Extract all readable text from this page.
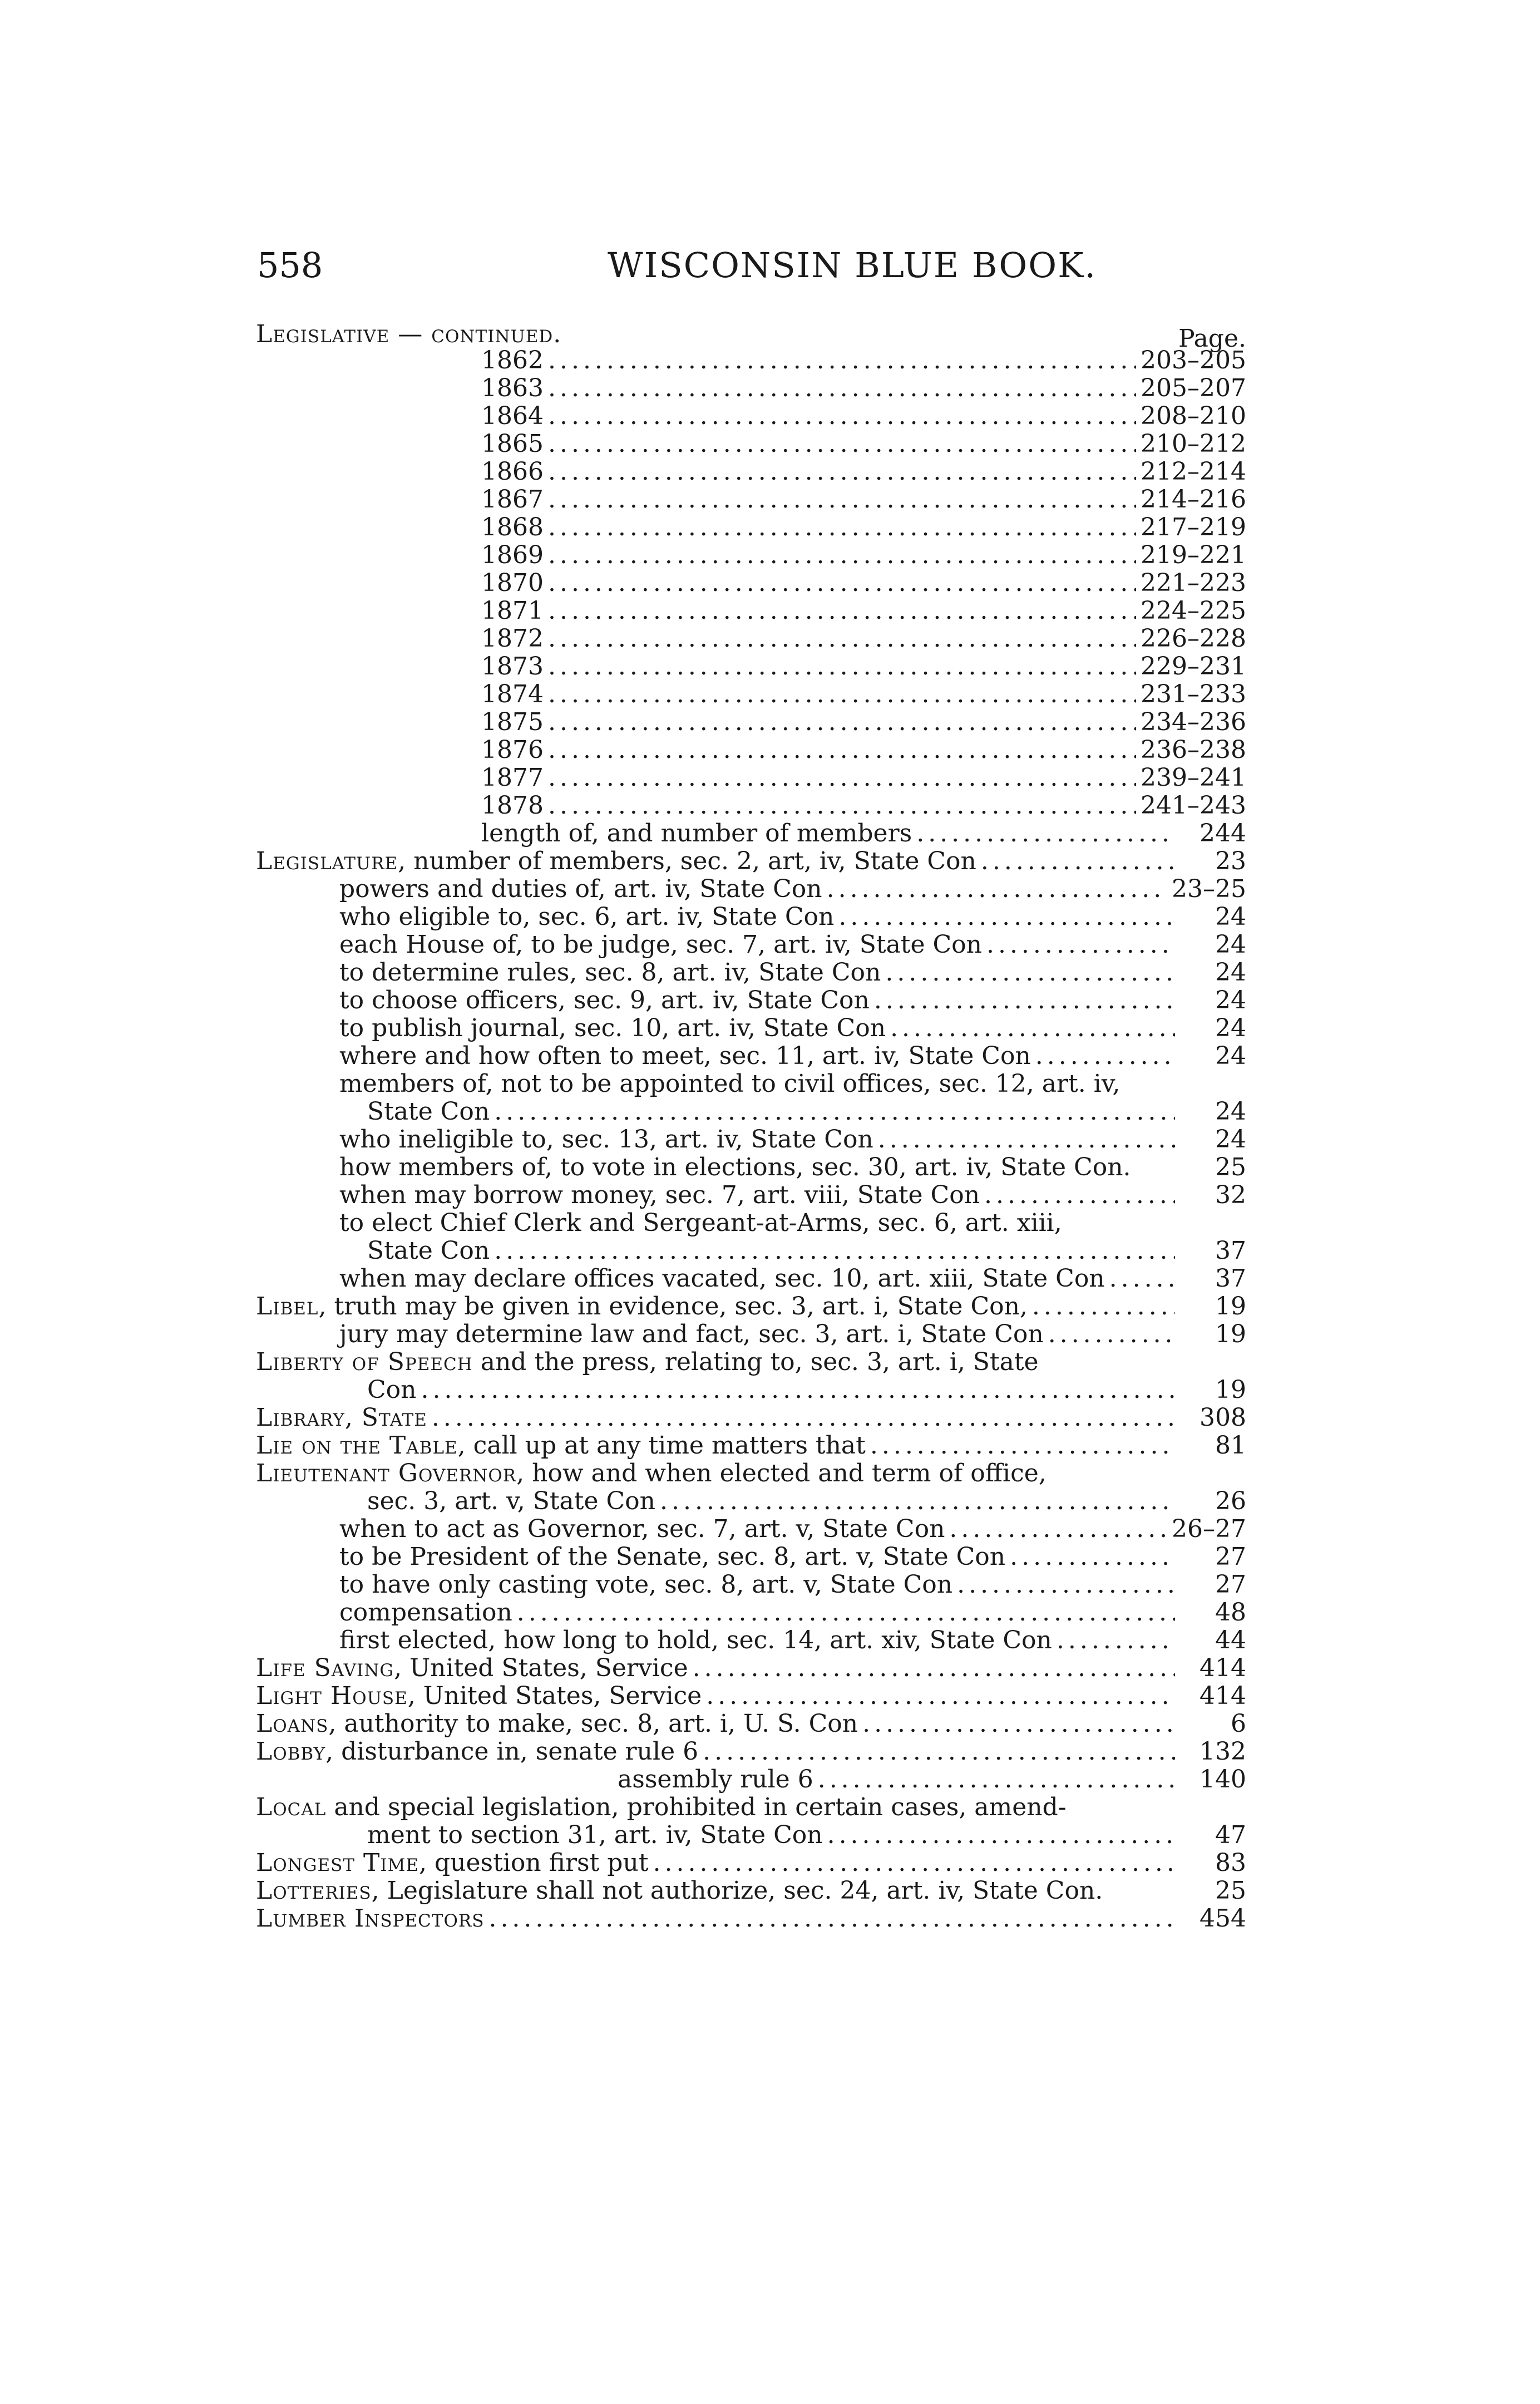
558	WISCONSIN BLUE BOOK.
Legislative — continued.	Page.
1862 .....	203–205
1863 .....	205–207
1864 .....	208–210
1865 .....	210–212
1866 .....	212–214
1867 .....	214–216
1868 .....	217–219
1869 .....	219–221
1870 .....	221–223
1871 .....	224–225
1872 .....	226–228
1873 .....	229–231
1874 .....	231–233
1875 .....	234–236
1876 .....	236–238
1877 .....	239–241
1878 .....	241–243
length of, and number of members .....	244
Legislature, number of members, sec. 2, art, iv, State Con .....	23
powers and duties of, art. iv, State Con .....	23–25
who eligible to, sec. 6, art. iv, State Con .....	24
each House of, to be judge, sec. 7, art. iv, State Con .....	24
to determine rules, sec. 8, art. iv, State Con .....	24
to choose officers, sec. 9, art. iv, State Con .....	24
to publish journal, sec. 10, art. iv, State Con .....	24
where and how often to meet, sec. 11, art. iv, State Con .....	24
members of, not to be appointed to civil offices, sec. 12, art. iv,
State Con .....	24
who ineligible to, sec. 13, art. iv, State Con .....	24
how members of, to vote in elections, sec. 30, art. iv, State Con.	25
when may borrow money, sec. 7, art. viii, State Con .....	32
to elect Chief Clerk and Sergeant-at-Arms, sec. 6, art. xiii,
State Con .....	37
when may declare offices vacated, sec. 10, art. xiii, State Con .....	37
Libel, truth may be given in evidence, sec. 3, art. i, State Con, .....	19
jury may determine law and fact, sec. 3, art. i, State Con .....	19
Liberty of Speech and the press, relating to, sec. 3, art. i, State
Con .....	19
Library, State .....	308
Lie on the Table, call up at any time matters that .....	81
Lieutenant Governor, how and when elected and term of office,
sec. 3, art. v, State Con .....	26
when to act as Governor, sec. 7, art. v, State Con .....	26–27
to be President of the Senate, sec. 8, art. v, State Con .....	27
to have only casting vote, sec. 8, art. v, State Con .....	27
compensation .....	48
first elected, how long to hold, sec. 14, art. xiv, State Con .....	44
Life Saving, United States, Service .....	414
Light House, United States, Service .....	414
Loans, authority to make, sec. 8, art. i, U. S. Con .....	6
Lobby, disturbance in, senate rule 6 .....	132
assembly rule 6 .....	140
Local and special legislation, prohibited in certain cases, amend-
ment to section 31, art. iv, State Con .....	47
Longest Time, question first put .....	83
Lotteries, Legislature shall not authorize, sec. 24, art. iv, State Con.	25
Lumber Inspectors .....	454
